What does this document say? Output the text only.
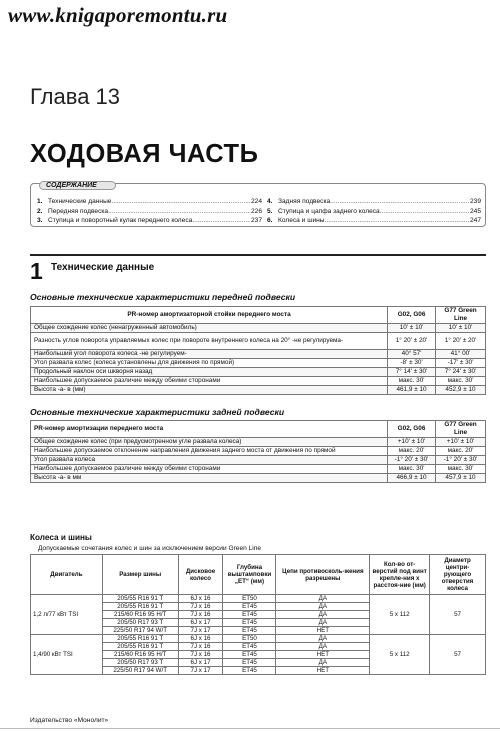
www.knigaporemontu.ru
Глава 13
ХОДОВАЯ ЧАСТЬ
СОДЕРЖАНИЕ
1. Технические данные .....	224
2. Передняя подвеска .....	226
3. Ступица и поворотный кулак переднего колеса .....	237
4. Задняя подвеска .....	239
5. Ступица и цапфа заднего колеса .....	245
6. Колеса и шины .....	247
1 Технические данные
Основные технические характеристики передней подвески
PR-номер амортизаторной стойки переднего моста	G02, G06	G77 Green Line
Общее схождение колес (ненагруженный автомобиль)	10' ± 10'	10' ± 10'
Разность углов поворота управляемых колес при повороте внутреннего колеса на 20° -не регулируема-	1° 20' ± 20'	1° 20' ± 20'
Наибольший угол поворота колеса -не регулируем-	40° 57'	41° 00'
Угол развала колес (колеса установлены для движения по прямой)	-8' ± 30'	-17' ± 30'
Продольный наклон оси шкворня назад	7° 14' ± 30'	7° 24' ± 30'
Наибольшее допускаемое различие между обеими сторонами	макс. 30'	макс. 30'
Высота -a- в (мм)	461,9 ± 10	452,9 ± 10
Основные технические характеристики задней подвески
PR-номер амортизации переднего моста	G02, G06	G77 Green Line
Общее схождение колес (при предусмотренном угле развала колеса)	+10' ± 10'	+10' ± 10'
Наибольшее допускаемое отклонение направления движения заднего моста от движения по прямой	макс. 20'	макс. 20'
Угол развала колеса	-1° 20' ± 30'	-1° 20' ± 30'
Наибольшее допускаемое различие между обеими сторонами	макс. 30'	макс. 30'
Высота -a- в мм	466,9 ± 10	457,9 ± 10
Колеса и шины
Допускаемые сочетания колес и шин за исключением версии Green Line
Двигатель	Размер шины	Дисковое колесо	Глубина выштамповки „ET“ (мм)	Цепи противосколь-жения разрешены	Кол-во от-верстий под винт крепле-ния х расстоя-ние (мм)	Диаметр центри-рующего отверстия колеса
1,2 л/77 кВт TSI	205/55 R16 91 T	6J x 16	ET50	ДА	5 x 112	57
	205/55 R16 91 T	7J x 16	ET45	ДА		
	215/60 R16 95 H/T	7J x 16	ET45	ДА		
	205/50 R17 93 T	6J x 17	ET45	ДА		
	225/50 R17 94 W/T	7J x 17	ET45	НЕТ		
1,4/90 кВт TSI	205/55 R16 91 T	6J x 16	ET50	ДА	5 x 112	57
	205/55 R16 91 T	7J x 16	ET45	ДА		
	215/60 R16 95 H/T	7J x 16	ET45	НЕТ		
	205/50 R17 93 T	6J x 17	ET45	ДА		
	225/50 R17 94 W/T	7J x 17	ET45	НЕТ		
Издательство «Монолит»
